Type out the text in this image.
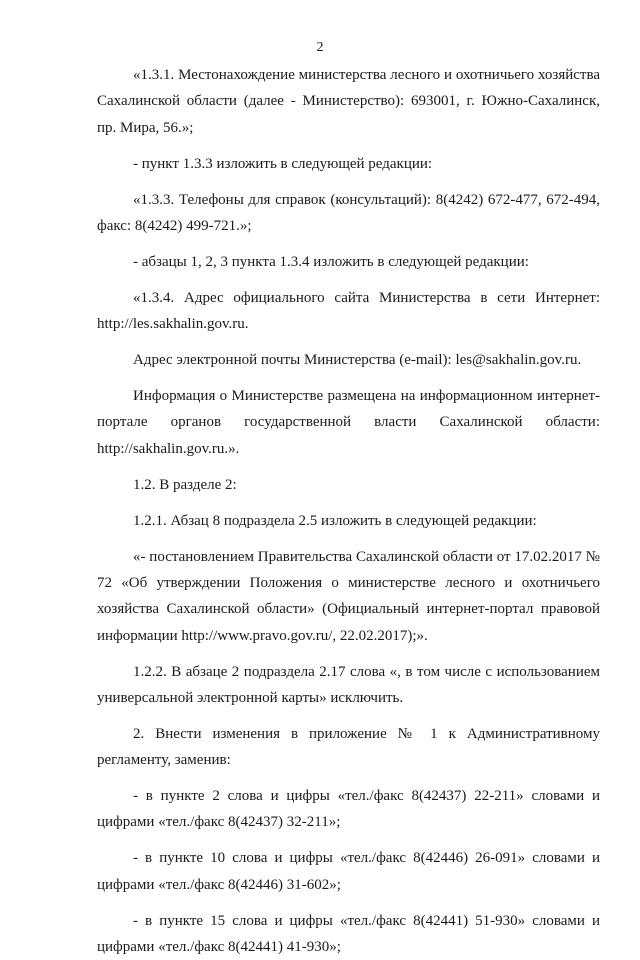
2

«1.3.1. Местонахождение министерства лесного и охотничьего хозяйства Сахалинской области (далее - Министерство): 693001, г. Южно-Сахалинск, пр. Мира, 56.»;

- пункт 1.3.3 изложить в следующей редакции:

«1.3.3. Телефоны для справок (консультаций): 8(4242) 672-477, 672-494, факс: 8(4242) 499-721.»;

- абзацы 1, 2, 3 пункта 1.3.4 изложить в следующей редакции:

«1.3.4. Адрес официального сайта Министерства в сети Интернет: http://les.sakhalin.gov.ru.

Адрес электронной почты Министерства (e-mail): les@sakhalin.gov.ru.

Информация о Министерстве размещена на информационном интернет-портале органов государственной власти Сахалинской области: http://sakhalin.gov.ru.».

1.2. В разделе 2:

1.2.1. Абзац 8 подраздела 2.5 изложить в следующей редакции:

«- постановлением Правительства Сахалинской области от 17.02.2017 № 72 «Об утверждении Положения о министерстве лесного и охотничьего хозяйства Сахалинской области» (Официальный интернет-портал правовой информации http://www.pravo.gov.ru/, 22.02.2017);».

1.2.2. В абзаце 2 подраздела 2.17 слова «, в том числе с использованием универсальной электронной карты» исключить.

2. Внести изменения в приложение № 1 к Административному регламенту, заменив:

- в пункте 2 слова и цифры «тел./факс 8(42437) 22-211» словами и цифрами «тел./факс 8(42437) 32-211»;

- в пункте 10 слова и цифры «тел./факс 8(42446) 26-091» словами и цифрами «тел./факс 8(42446) 31-602»;

- в пункте 15 слова и цифры «тел./факс 8(42441) 51-930» словами и цифрами «тел./факс 8(42441) 41-930»;
